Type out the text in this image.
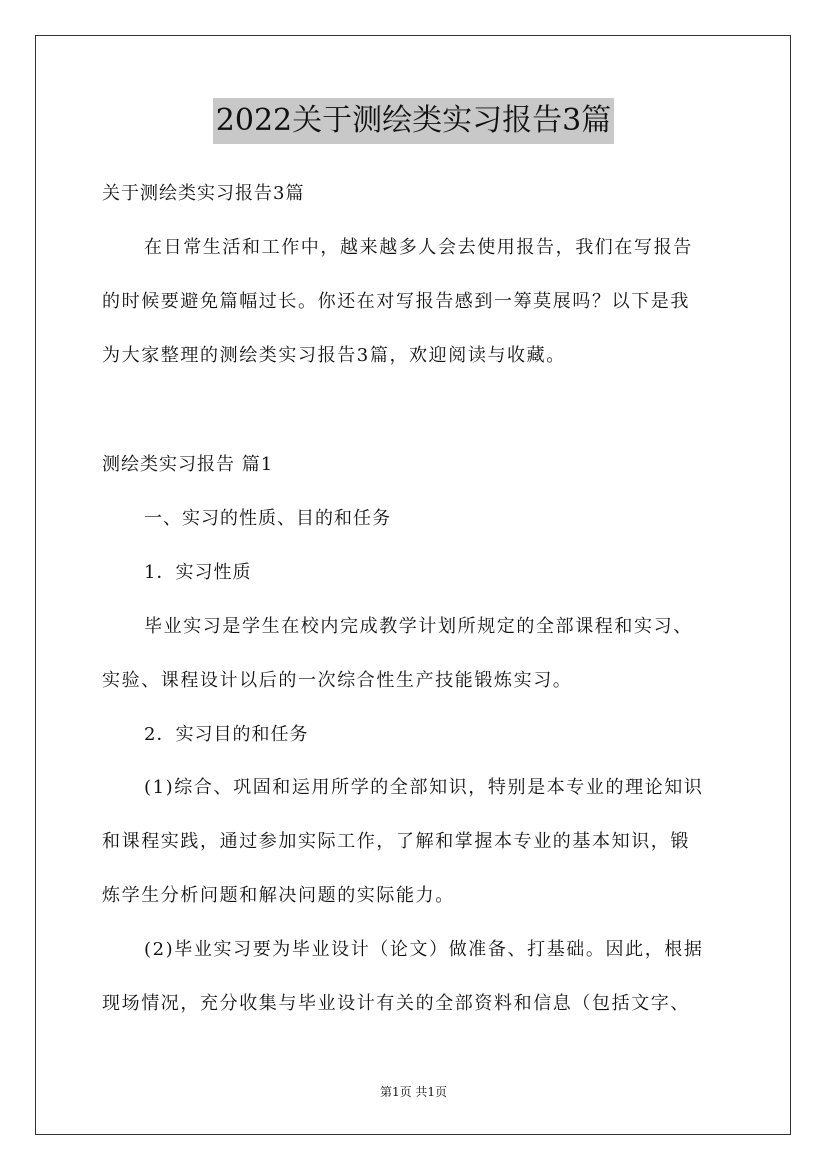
2022关于测绘类实习报告3篇
关于测绘类实习报告3篇
在日常生活和工作中，越来越多人会去使用报告，我们在写报告
的时候要避免篇幅过长。你还在对写报告感到一筹莫展吗？以下是我
为大家整理的测绘类实习报告3篇，欢迎阅读与收藏。
测绘类实习报告 篇1
一、实习的性质、目的和任务
1．实习性质
毕业实习是学生在校内完成教学计划所规定的全部课程和实习、
实验、课程设计以后的一次综合性生产技能锻炼实习。
2．实习目的和任务
(1)综合、巩固和运用所学的全部知识，特别是本专业的理论知识
和课程实践，通过参加实际工作，了解和掌握本专业的基本知识，锻
炼学生分析问题和解决问题的实际能力。
(2)毕业实习要为毕业设计（论文）做准备、打基础。因此，根据
现场情况，充分收集与毕业设计有关的全部资料和信息（包括文字、
第1页 共1页
